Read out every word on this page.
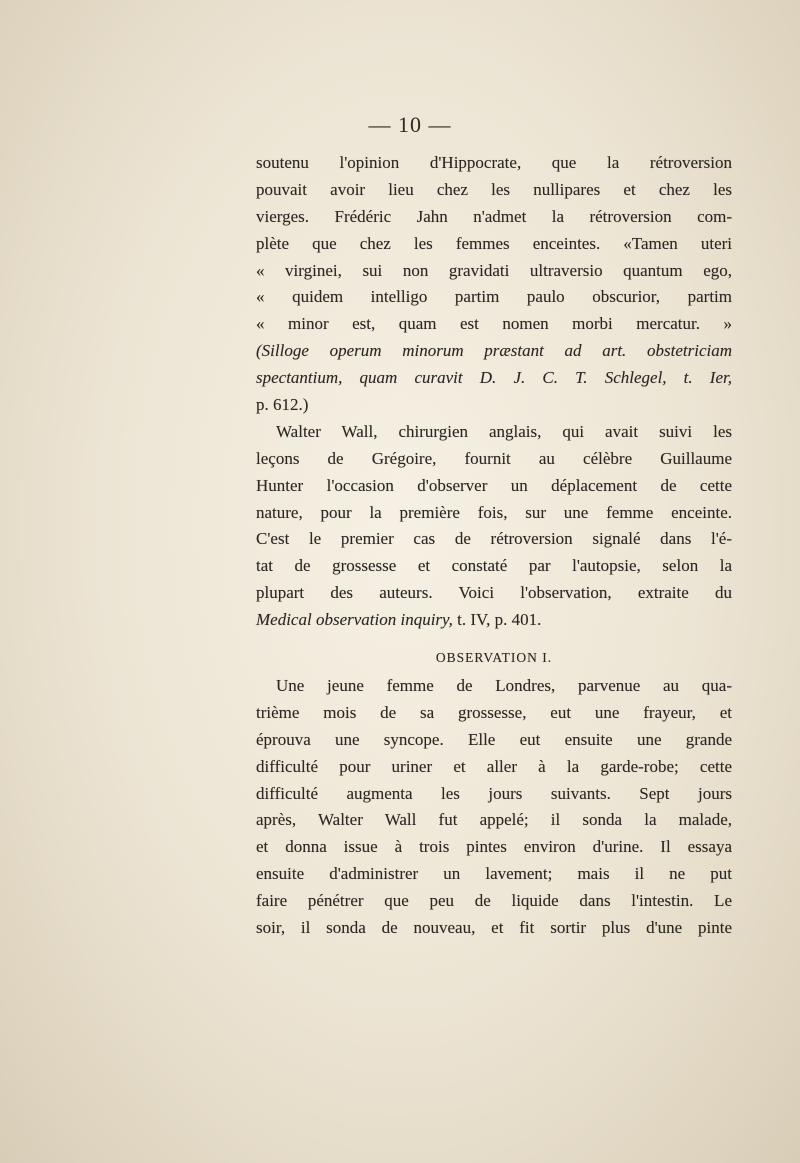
— 10 —
soutenu l'opinion d'Hippocrate, que la rétroversion
pouvait avoir lieu chez les nullipares et chez les
vierges. Frédéric Jahn n'admet la rétroversion com-
plète que chez les femmes enceintes. «Tamen uteri
« virginei, sui non gravidati ultraversio quantum ego,
« quidem intelligo partim paulo obscurior, partim
« minor est, quam est nomen morbi mercatur. »
(Silloge operum minorum præstant ad art. obstetriciam
spectantium, quam curavit D. J. C. T. Schlegel, t. Ier,
p. 612.)
Walter Wall, chirurgien anglais, qui avait suivi les
leçons de Grégoire, fournit au célèbre Guillaume
Hunter l'occasion d'observer un déplacement de cette
nature, pour la première fois, sur une femme enceinte.
C'est le premier cas de rétroversion signalé dans l'é-
tat de grossesse et constaté par l'autopsie, selon la
plupart des auteurs. Voici l'observation, extraite du
Medical observation inquiry, t. IV, p. 401.
OBSERVATION I.
Une jeune femme de Londres, parvenue au qua-
trième mois de sa grossesse, eut une frayeur, et
éprouva une syncope. Elle eut ensuite une grande
difficulté pour uriner et aller à la garde-robe; cette
difficulté augmenta les jours suivants. Sept jours
après, Walter Wall fut appelé; il sonda la malade,
et donna issue à trois pintes environ d'urine. Il essaya
ensuite d'administrer un lavement; mais il ne put
faire pénétrer que peu de liquide dans l'intestin. Le
soir, il sonda de nouveau, et fit sortir plus d'une pinte
